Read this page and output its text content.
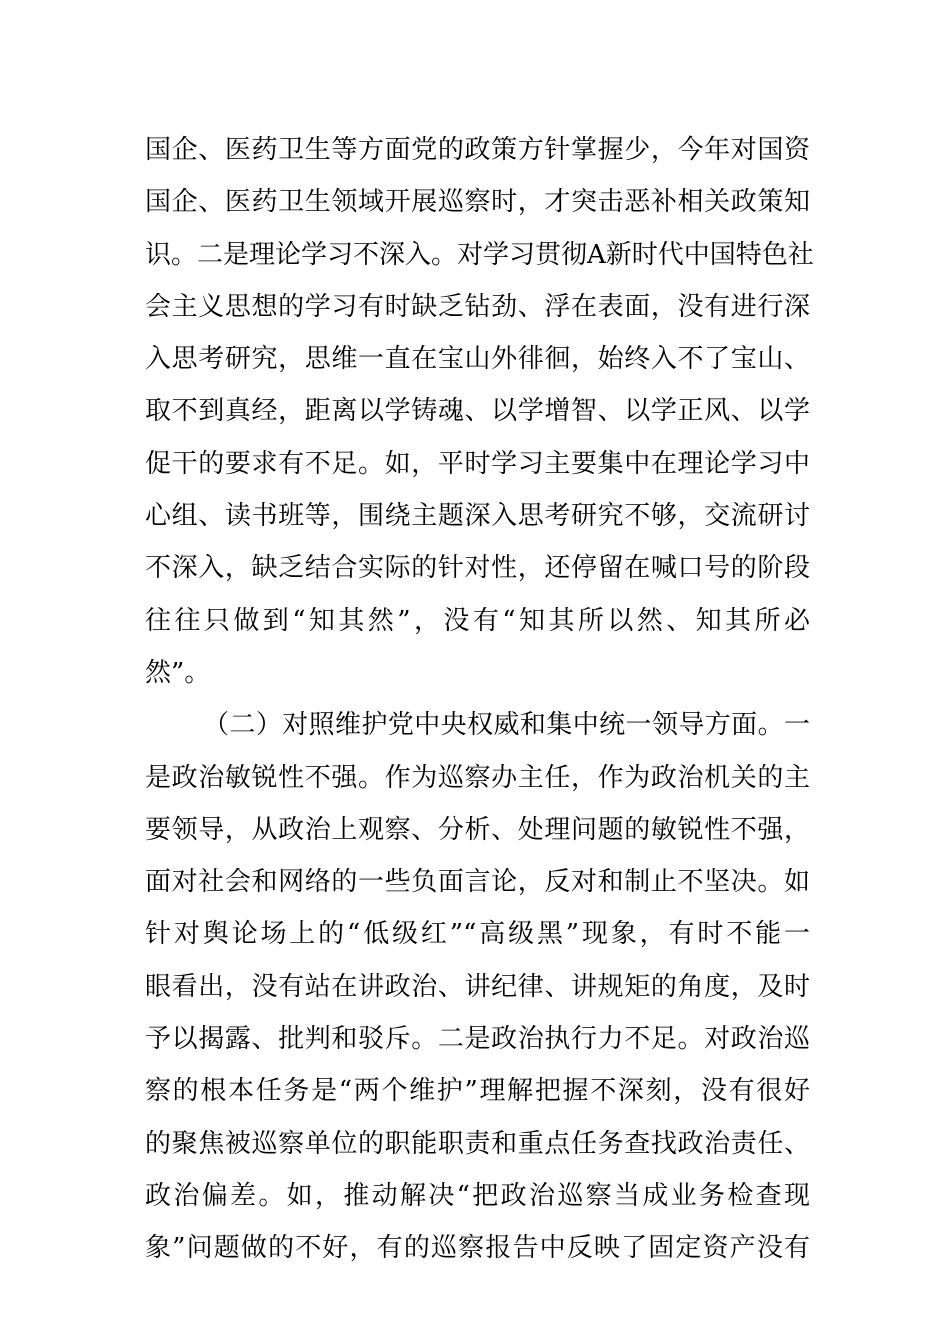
国企、医药卫生等方面党的政策方针掌握少，今年对国资
国企、医药卫生领域开展巡察时，才突击恶补相关政策知
识。二是理论学习不深入。对学习贯彻A新时代中国特色社
会主义思想的学习有时缺乏钻劲、浮在表面，没有进行深
入思考研究，思维一直在宝山外徘徊，始终入不了宝山、
取不到真经，距离以学铸魂、以学增智、以学正风、以学
促干的要求有不足。如，平时学习主要集中在理论学习中
心组、读书班等，围绕主题深入思考研究不够，交流研讨
不深入，缺乏结合实际的针对性，还停留在喊口号的阶段
往往只做到“知其然”，没有“知其所以然、知其所必
然”。

（二）对照维护党中央权威和集中统一领导方面。一
是政治敏锐性不强。作为巡察办主任，作为政治机关的主
要领导，从政治上观察、分析、处理问题的敏锐性不强，
面对社会和网络的一些负面言论，反对和制止不坚决。如
针对舆论场上的“低级红”“高级黑”现象，有时不能一
眼看出，没有站在讲政治、讲纪律、讲规矩的角度，及时
予以揭露、批判和驳斥。二是政治执行力不足。对政治巡
察的根本任务是“两个维护”理解把握不深刻，没有很好
的聚焦被巡察单位的职能职责和重点任务查找政治责任、
政治偏差。如，推动解决“把政治巡察当成业务检查现
象”问题做的不好，有的巡察报告中反映了固定资产没有
